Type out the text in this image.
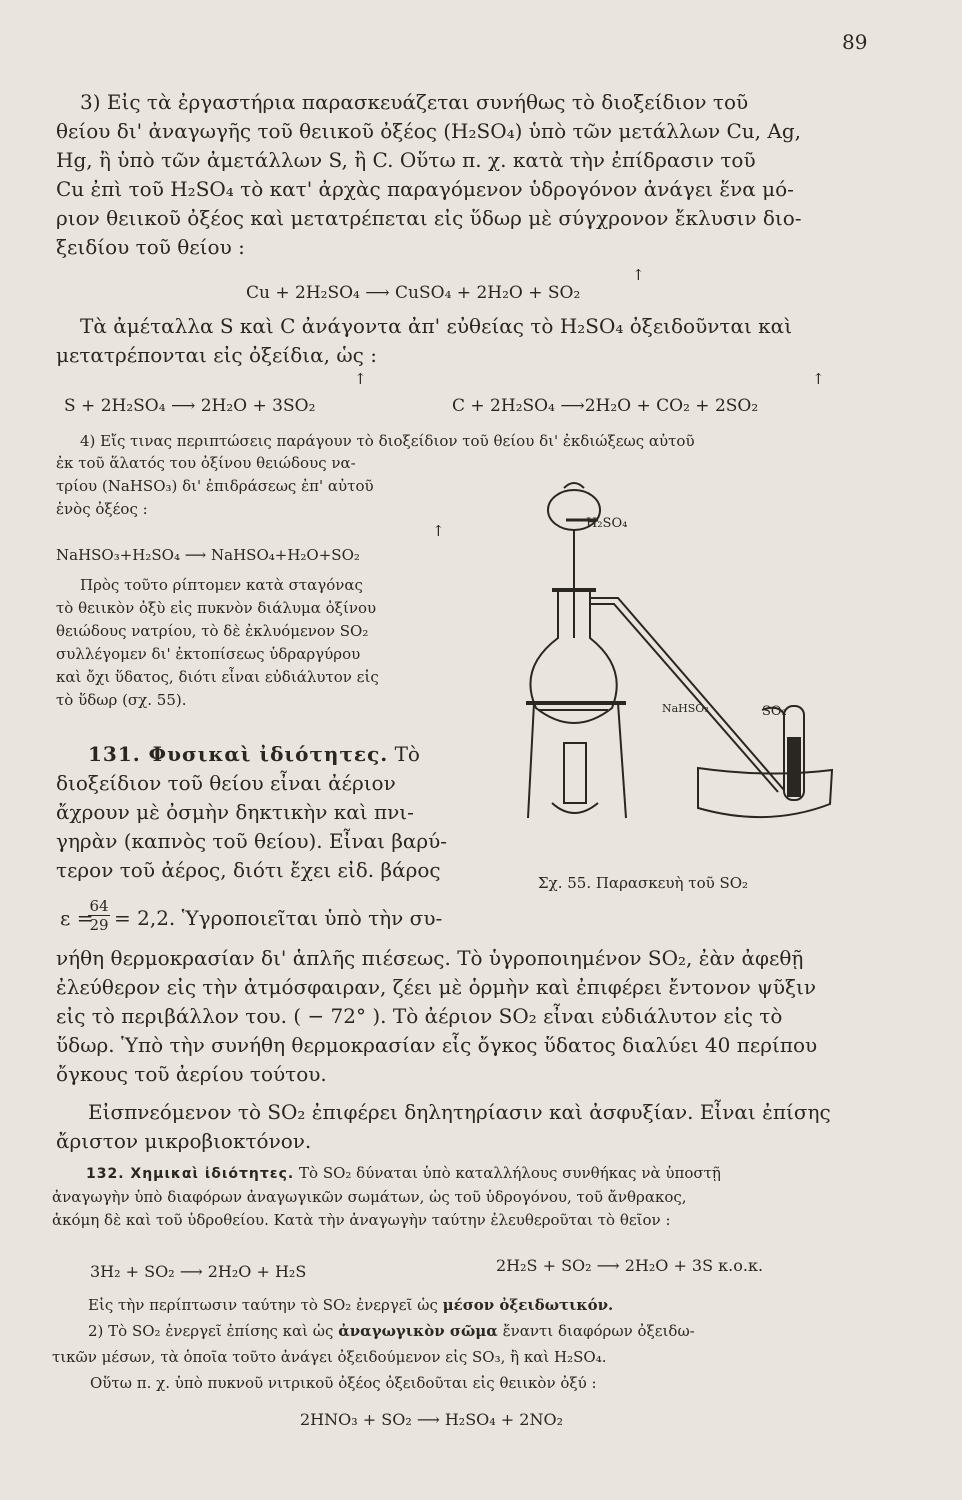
89
3) Εἰς τὰ ἐργαστήρια παρασκευάζεται συνήθως τὸ διοξείδιον τοῦ
θείου δι' ἀναγωγῆς τοῦ θειικοῦ ὀξέος (H₂SO₄) ὑπὸ τῶν μετάλλων Cu, Ag,
Hg, ἢ ὑπὸ τῶν ἀμετάλλων S, ἢ C. Οὕτω π. χ. κατὰ τὴν ἐπίδρασιν τοῦ
Cu ἐπὶ τοῦ H₂SO₄ τὸ κατ' ἀρχὰς παραγόμενον ὑδρογόνον ἀνάγει ἕνα μό-
ριον θειικοῦ ὀξέος καὶ μετατρέπεται εἰς ὕδωρ μὲ σύγχρονον ἔκλυσιν διο-
ξειδίου τοῦ θείου :
↑
Cu + 2H₂SO₄ ⟶ CuSO₄ + 2H₂O + SO₂
Τὰ ἀμέταλλα S καὶ C ἀνάγοντα ἀπ' εὐθείας τὸ H₂SO₄ ὀξειδοῦνται καὶ
μετατρέπονται εἰς ὀξείδια, ὡς :
↑
S + 2H₂SO₄ ⟶ 2H₂O + 3SO₂
↑
C + 2H₂SO₄ ⟶2H₂O + CO₂ + 2SO₂
4) Εἴς τινας περιπτώσεις παράγουν τὸ διοξείδιον τοῦ θείου δι' ἐκδιώξεως αὐτοῦ
ἐκ τοῦ ἅλατός του ὀξίνου θειώδους να-
τρίου (NaHSO₃) δι' ἐπιδράσεως ἐπ' αὐτοῦ
ἑνὸς ὀξέος :
↑
NaHSO₃+H₂SO₄ ⟶ NaHSO₄+H₂O+SO₂
Πρὸς τοῦτο ρίπτομεν κατὰ σταγόνας
τὸ θειικὸν ὀξὺ εἰς πυκνὸν διάλυμα ὀξίνου
θειώδους νατρίου, τὸ δὲ ἐκλυόμενον SO₂
συλλέγομεν δι' ἐκτοπίσεως ὑδραργύρου
καὶ ὄχι ὕδατος, διότι εἶναι εὐδιάλυτον εἰς
τὸ ὕδωρ (σχ. 55).
131. Φυσικαὶ ἰδιότητες. Τὸ
διοξείδιον τοῦ θείου εἶναι ἀέριον
ἄχρουν μὲ ὀσμὴν δηκτικὴν καὶ πνι-
γηρὰν (καπνὸς τοῦ θείου). Εἶναι βαρύ-
τερον τοῦ ἀέρος, διότι ἔχει εἰδ. βάρος
ε =
$\frac{64}{29} = 2,2$. Ὑγροποιεῖται ὑπὸ τὴν συ-
νήθη θερμοκρασίαν δι' ἁπλῆς πιέσεως. Τὸ ὑγροποιημένον SO₂, ἐὰν ἀφεθῇ
ἐλεύθερον εἰς τὴν ἀτμόσφαιραν, ζέει μὲ ὁρμὴν καὶ ἐπιφέρει ἔντονον ψῦξιν
εἰς τὸ περιβάλλον του. ( − 72° ). Τὸ ἀέριον SO₂ εἶναι εὐδιάλυτον εἰς τὸ
ὕδωρ. Ὑπὸ τὴν συνήθη θερμοκρασίαν εἷς ὄγκος ὕδατος διαλύει 40 περίπου
ὄγκους τοῦ ἀερίου τούτου.
Εἰσπνεόμενον τὸ SO₂ ἐπιφέρει δηλητηρίασιν καὶ ἀσφυξίαν. Εἶναι ἐπίσης
ἄριστον μικροβιοκτόνον.
H₂SO₄
NaHSO₃	SO₂
Σχ. 55. Παρασκευὴ τοῦ SO₂
132. Χημικαὶ ἰδιότητες. Τὸ SO₂ δύναται ὑπὸ καταλλήλους συνθήκας νὰ ὑποστῇ
ἀναγωγὴν ὑπὸ διαφόρων ἀναγωγικῶν σωμάτων, ὡς τοῦ ὑδρογόνου, τοῦ ἄνθρακος,
ἀκόμη δὲ καὶ τοῦ ὑδροθείου. Κατὰ τὴν ἀναγωγὴν ταύτην ἐλευθεροῦται τὸ θεῖον :
3H₂ + SO₂ ⟶ 2H₂O + H₂S	2H₂S + SO₂ ⟶ 2H₂O + 3S κ.ο.κ.
Εἰς τὴν περίπτωσιν ταύτην τὸ SO₂ ἐνεργεῖ ὡς μέσον ὀξειδωτικόν.
2) Τὸ SO₂ ἐνεργεῖ ἐπίσης καὶ ὡς ἀναγωγικὸν σῶμα ἔναντι διαφόρων ὀξειδω-
τικῶν μέσων, τὰ ὁποῖα τοῦτο ἀνάγει ὀξειδούμενον εἰς SO₃, ἢ καὶ H₂SO₄.
Οὕτω π. χ. ὑπὸ πυκνοῦ νιτρικοῦ ὀξέος ὀξειδοῦται εἰς θειικὸν ὀξύ :
2HNO₃ + SO₂ ⟶ H₂SO₄ + 2NO₂
